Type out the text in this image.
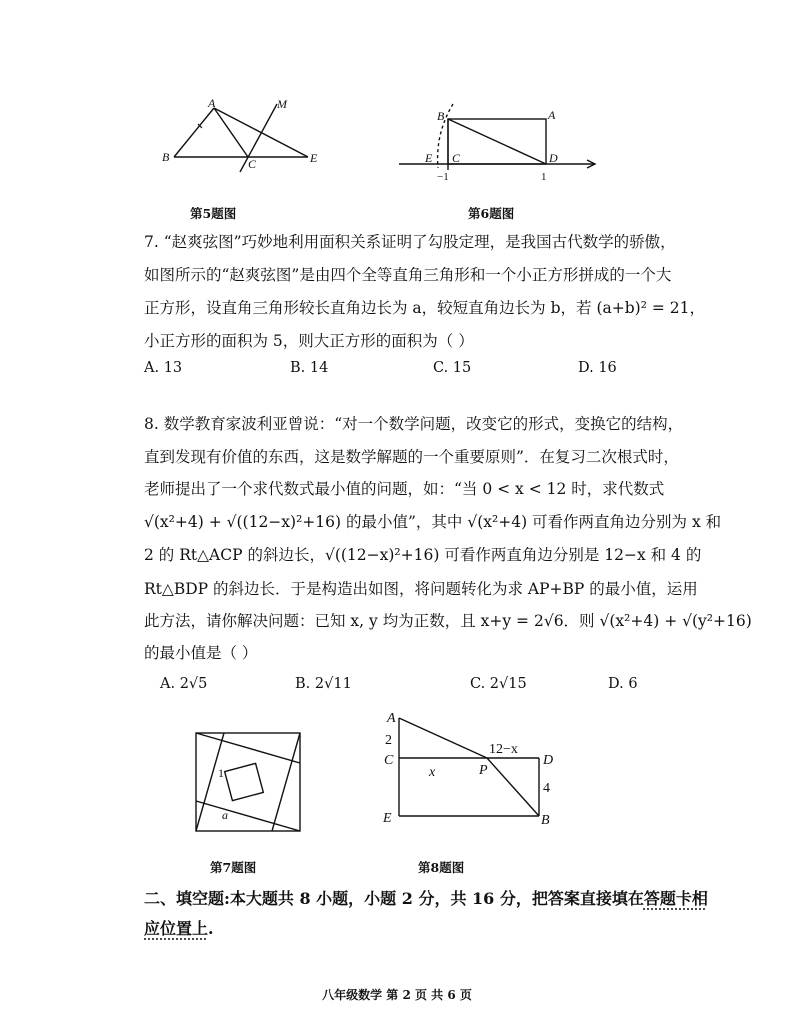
A
B	C	E
M
第5题图
B	A
E C	D
−1	1
第6题图
7. “赵爽弦图”巧妙地利用面积关系证明了勾股定理，是我国古代数学的骄傲，
如图所示的“赵爽弦图”是由四个全等直角三角形和一个小正方形拼成的一个大
正方形，设直角三角形较长直角边长为 a，较短直角边长为 b，若 (a+b)² = 21，
小正方形的面积为 5，则大正方形的面积为（ ）
A. 13	B. 14	C. 15	D. 16
8. 数学教育家波利亚曾说：“对一个数学问题，改变它的形式，变换它的结构，
直到发现有价值的东西，这是数学解题的一个重要原则”．在复习二次根式时，
老师提出了一个求代数式最小值的问题，如：“当 0 < x < 12 时，求代数式
√(x²+4) + √((12−x)²+16) 的最小值”，其中 √(x²+4) 可看作两直角边分别为 x 和
2 的 Rt△ACP 的斜边长，√((12−x)²+16) 可看作两直角边分别是 12−x 和 4 的
Rt△BDP 的斜边长．于是构造出如图，将问题转化为求 AP+BP 的最小值，运用
此方法，请你解决问题：已知 x, y 均为正数，且 x+y = 2√6．则 √(x²+4) + √(y²+16)
的最小值是（ ）
A. 2√5	B. 2√11	C. 2√15	D. 6
1
a
第7题图
A
2
C
x	P
12−x
D
4
E	B
第8题图
二、填空题:本大题共 8 小题，小题 2 分，共 16 分，把答案直接填在答题卡相
应位置上.
八年级数学 第 2 页 共 6 页
